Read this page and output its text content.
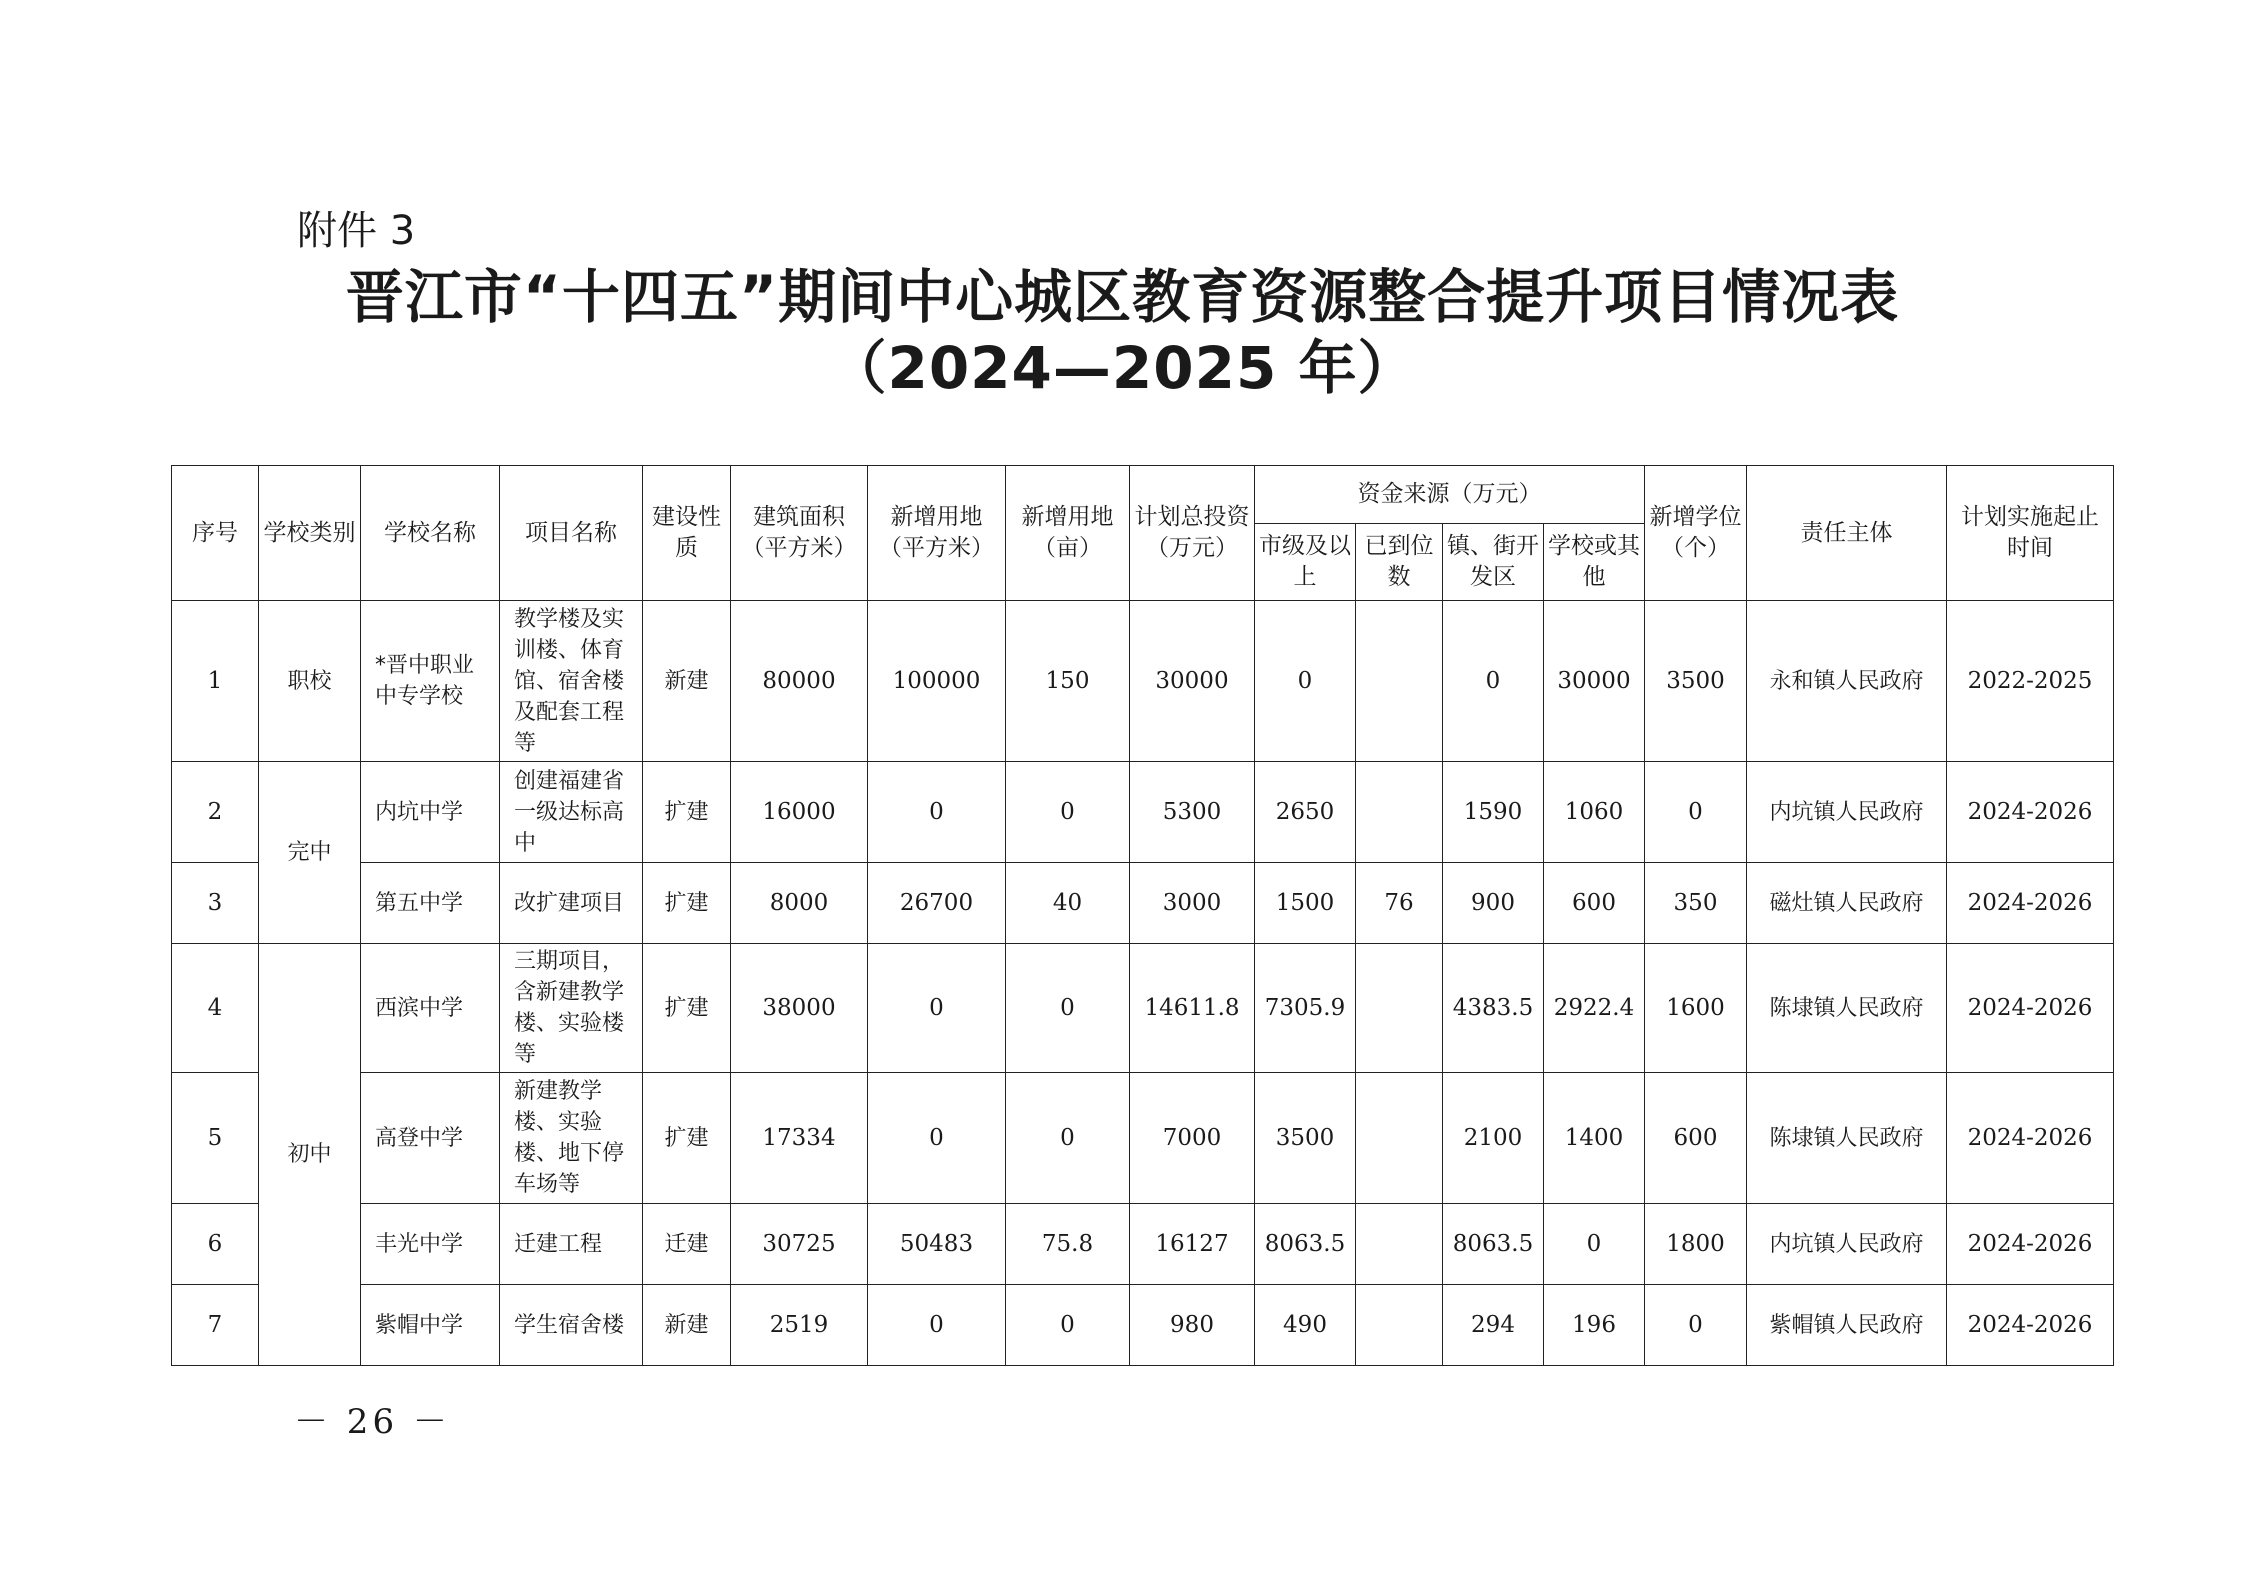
附件 3
晋江市“十四五”期间中心城区教育资源整合提升项目情况表
（2024—2025 年）
序号	学校类别	学校名称	项目名称	建设性质	建筑面积（平方米）	新增用地（平方米）	新增用地（亩）	计划总投资（万元）	资金来源（万元）				新增学位（个）	责任主体	计划实施起止时间
									市级及以上	已到位数	镇、街开发区	学校或其他			
1	职校	*晋中职业中专学校	教学楼及实训楼、体育馆、宿舍楼及配套工程等	新建	80000	100000	150	30000	0		0	30000	3500	永和镇人民政府	2022-2025
2	完中	内坑中学	创建福建省一级达标高中	扩建	16000	0	0	5300	2650		1590	1060	0	内坑镇人民政府	2024-2026
3		第五中学	改扩建项目	扩建	8000	26700	40	3000	1500	76	900	600	350	磁灶镇人民政府	2024-2026
4	初中	西滨中学	三期项目，含新建教学楼、实验楼等	扩建	38000	0	0	14611.8	7305.9		4383.5	2922.4	1600	陈埭镇人民政府	2024-2026
5		高登中学	新建教学楼、实验楼、地下停车场等	扩建	17334	0	0	7000	3500		2100	1400	600	陈埭镇人民政府	2024-2026
6		丰光中学	迁建工程	迁建	30725	50483	75.8	16127	8063.5		8063.5	0	1800	内坑镇人民政府	2024-2026
7		紫帽中学	学生宿舍楼	新建	2519	0	0	980	490		294	196	0	紫帽镇人民政府	2024-2026
－ 26 －
